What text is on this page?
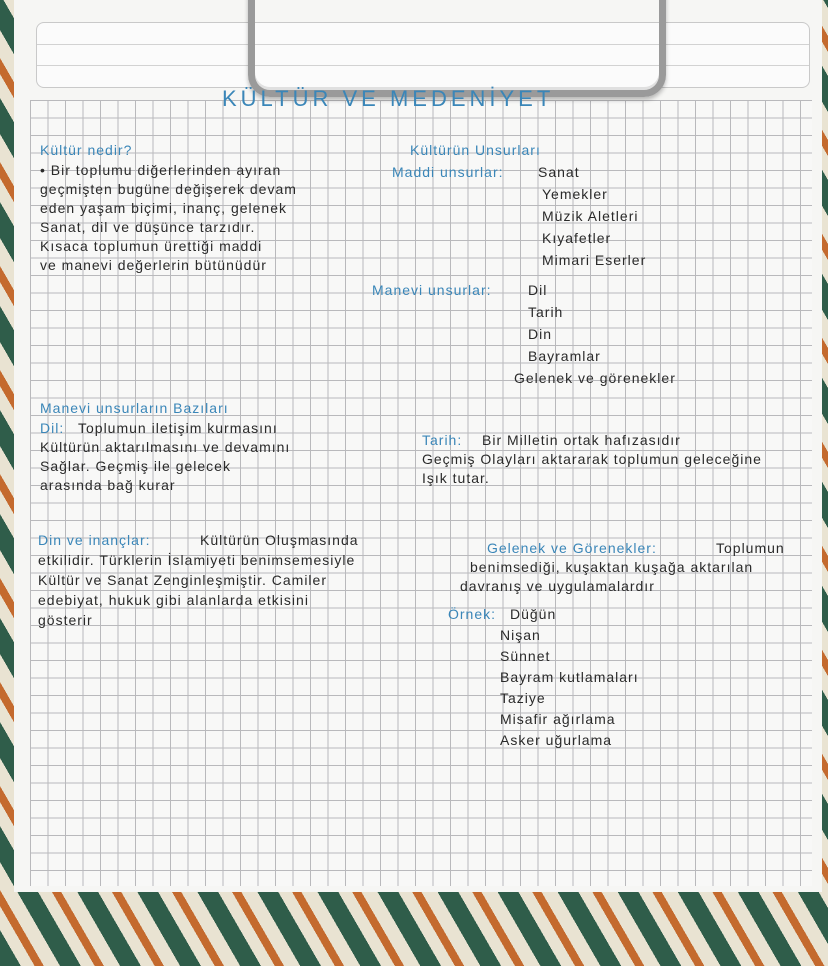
KÜLTÜR VE MEDENİYET
Kültür nedir?
• Bir toplumu diğerlerinden ayıran
geçmişten bugüne değişerek devam
eden yaşam biçimi, inanç, gelenek
Sanat, dil ve düşünce tarzıdır.
Kısaca toplumun ürettiği maddi
ve manevi değerlerin bütünüdür
Kültürün Unsurları
Maddi unsurlar: Sanat
Yemekler
Müzik Aletleri
Kıyafetler
Mimari Eserler
Manevi unsurlar:	Dil
Tarih
Din
Bayramlar
Gelenek ve görenekler
Manevi unsurların Bazıları
Dil: Toplumun iletişim kurmasını
Kültürün aktarılmasını ve devamını
Sağlar. Geçmiş ile gelecek
arasında bağ kurar
Tarih: Bir Milletin ortak hafızasıdır
Geçmiş Olayları aktararak toplumun geleceğine
Işık tutar.
Din ve inançlar:	Kültürün Oluşmasında
etkilidir. Türklerin İslamiyeti benimsemesiyle
Kültür ve Sanat Zenginleşmiştir. Camiler
edebiyat, hukuk gibi alanlarda etkisini
gösterir
Gelenek ve Görenekler:	Toplumun
benimsediği, kuşaktan kuşağa aktarılan
davranış ve uygulamalardır
Örnek: Düğün
Nişan
Sünnet
Bayram kutlamaları
Taziye
Misafir ağırlama
Asker uğurlama
